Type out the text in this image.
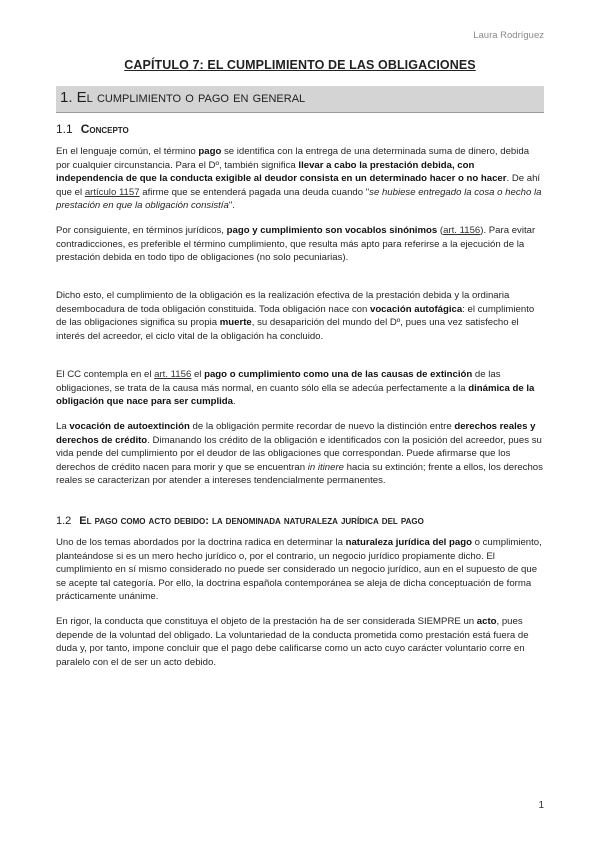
Laura Rodríguez
CAPÍTULO 7: EL CUMPLIMIENTO DE LAS OBLIGACIONES
1. El cumplimiento o pago en general
1.1 Concepto
En el lenguaje común, el término pago se identifica con la entrega de una determinada suma de dinero, debida por cualquier circunstancia. Para el Dº, también significa llevar a cabo la prestación debida, con independencia de que la conducta exigible al deudor consista en un determinado hacer o no hacer. De ahí que el artículo 1157 afirme que se entenderá pagada una deuda cuando "se hubiese entregado la cosa o hecho la prestación en que la obligación consistía".
Por consiguiente, en términos jurídicos, pago y cumplimiento son vocablos sinónimos (art. 1156). Para evitar contradicciones, es preferible el término cumplimiento, que resulta más apto para referirse a la ejecución de la prestación debida en todo tipo de obligaciones (no solo pecuniarias).
Dicho esto, el cumplimiento de la obligación es la realización efectiva de la prestación debida y la ordinaria desembocadura de toda obligación constituida. Toda obligación nace con vocación autofágica: el cumplimiento de las obligaciones significa su propia muerte, su desaparición del mundo del Dº, pues una vez satisfecho el interés del acreedor, el ciclo vital de la obligación ha concluido.
El CC contempla en el art. 1156 el pago o cumplimiento como una de las causas de extinción de las obligaciones, se trata de la causa más normal, en cuanto sólo ella se adecúa perfectamente a la dinámica de la obligación que nace para ser cumplida.
La vocación de autoextinción de la obligación permite recordar de nuevo la distinción entre derechos reales y derechos de crédito. Dimanando los crédito de la obligación e identificados con la posición del acreedor, pues su vida pende del cumplimiento por el deudor de las obligaciones que correspondan. Puede afirmarse que los derechos de crédito nacen para morir y que se encuentran in itinere hacia su extinción; frente a ellos, los derechos reales se caracterizan por atender a intereses tendencialmente permanentes.
1.2 El pago como acto debido: la denominada naturaleza jurídica del pago
Uno de los temas abordados por la doctrina radica en determinar la naturaleza jurídica del pago o cumplimiento, planteándose si es un mero hecho jurídico o, por el contrario, un negocio jurídico propiamente dicho. El cumplimiento en sí mismo considerado no puede ser considerado un negocio jurídico, aun en el supuesto de que se acepte tal categoría. Por ello, la doctrina española contemporánea se aleja de dicha conceptuación de forma prácticamente unánime.
En rigor, la conducta que constituya el objeto de la prestación ha de ser considerada SIEMPRE un acto, pues depende de la voluntad del obligado. La voluntariedad de la conducta prometida como prestación está fuera de duda y, por tanto, impone concluir que el pago debe calificarse como un acto cuyo carácter voluntario corre en paralelo con el de ser un acto debido.
1
